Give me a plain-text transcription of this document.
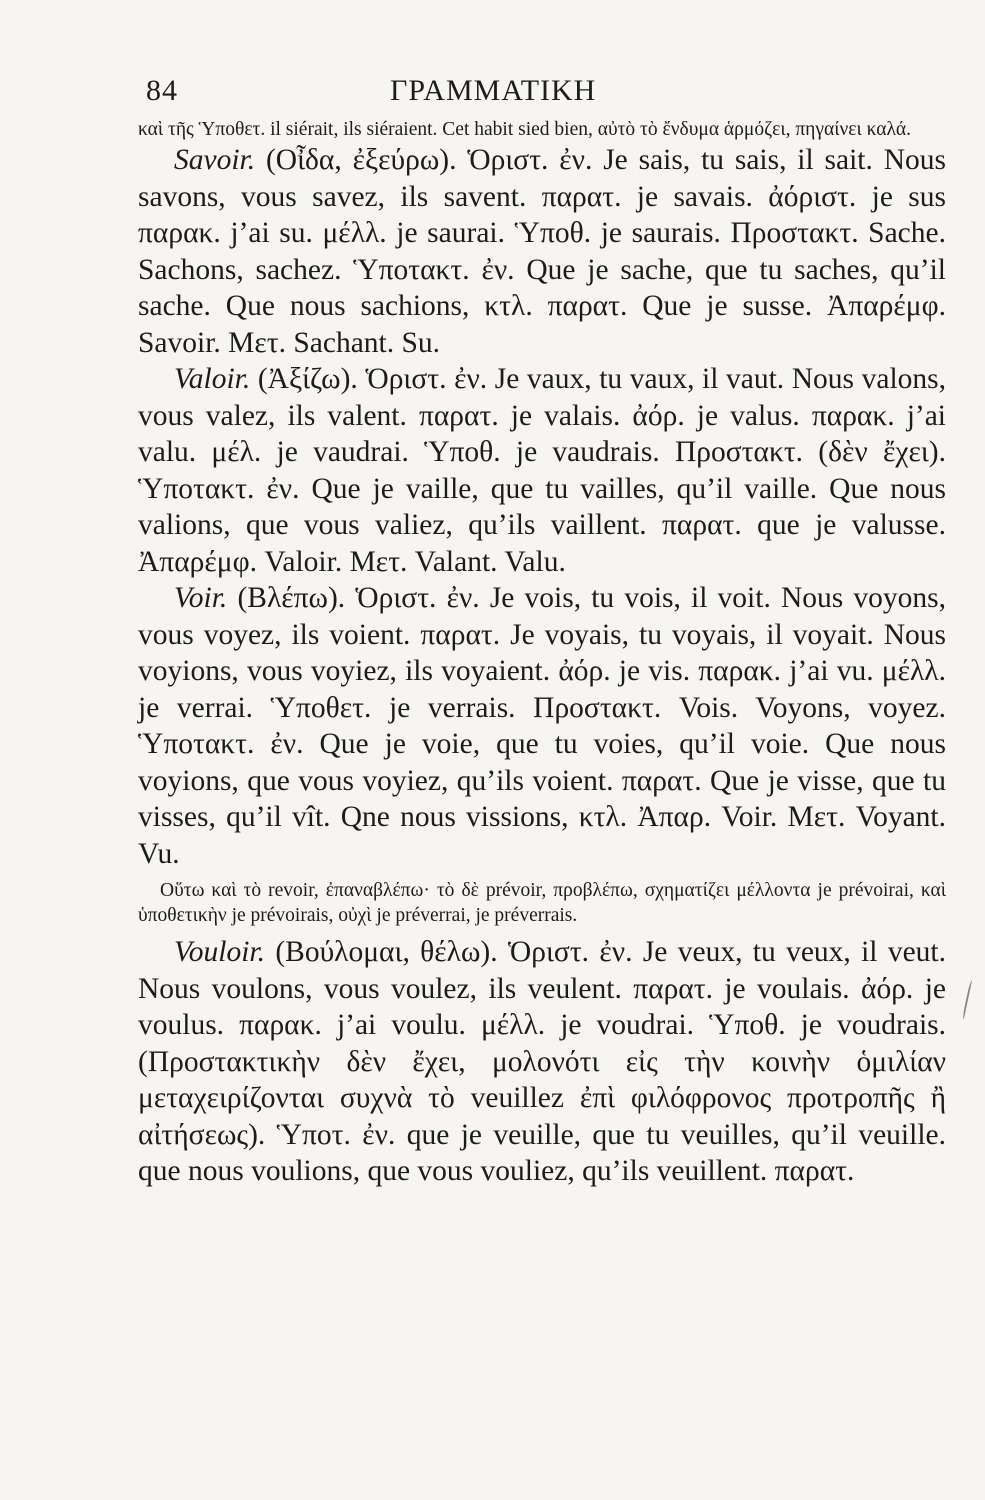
84	ΓΡΑΜΜΑΤΙΚΗ

καὶ τῆς Ὑποθετ. il siérait, ils siéraient. Cet habit sied bien, αὐτὸ τὸ ἔνδυμα ἁρμόζει, πηγαίνει καλά.

Savoir. (Οἶδα, ἐξεύρω). Ὁριστ. ἐν. Je sais, tu sais, il sait. Nous savons, vous savez, ils savent. παρατ. je savais. ἀόριστ. je sus παρακ. j’ai su. μέλλ. je saurai. Ὑποθ. je saurais. Προστακτ. Sache. Sachons, sachez. Ὑποτακτ. ἐν. Que je sache, que tu saches, qu’il sache. Que nous sachions, κτλ. παρατ. Que je susse. Ἀπαρέμφ. Savoir. Μετ. Sachant. Su.

Valoir. (Ἀξίζω). Ὁριστ. ἐν. Je vaux, tu vaux, il vaut. Nous valons, vous valez, ils valent. παρατ. je valais. ἀόρ. je valus. παρακ. j’ai valu. μέλ. je vaudrai. Ὑποθ. je vaudrais. Προστακτ. (δὲν ἔχει). Ὑποτακτ. ἐν. Que je vaille, que tu vailles, qu’il vaille. Que nous valions, que vous valiez, qu’ils vaillent. παρατ. que je valusse. Ἀπαρέμφ. Valoir. Μετ. Valant. Valu.

Voir. (Βλέπω). Ὁριστ. ἐν. Je vois, tu vois, il voit. Nous voyons, vous voyez, ils voient. παρατ. Je voyais, tu voyais, il voyait. Nous voyions, vous voyiez, ils voyaient. ἀόρ. je vis. παρακ. j’ai vu. μέλλ. je verrai. Ὑποθετ. je verrais. Προστακτ. Vois. Voyons, voyez. Ὑποτακτ. ἐν. Que je voie, que tu voies, qu’il voie. Que nous voyions, que vous voyiez, qu’ils voient. παρατ. Que je visse, que tu visses, qu’il vît. Qne nous vissions, κτλ. Ἀπαρ. Voir. Μετ. Voyant. Vu.

Οὕτω καὶ τὸ revoir, ἐπαναβλέπω· τὸ δὲ prévoir, προβλέπω, σχηματίζει μέλλοντα je prévoirai, καὶ ὑποθετικὴν je prévoirais, οὐχὶ je préverrai, je préverrais.

Vouloir. (Βούλομαι, θέλω). Ὁριστ. ἐν. Je veux, tu veux, il veut. Nous voulons, vous voulez, ils veulent. παρατ. je voulais. ἀόρ. je voulus. παρακ. j’ai voulu. μέλλ. je voudrai. Ὑποθ. je voudrais. (Προστακτικὴν δὲν ἔχει, μολονότι εἰς τὴν κοινὴν ὁμιλίαν μεταχειρίζονται συχνὰ τὸ veuillez ἐπὶ φιλόφρονος προτροπῆς ἢ αἰτήσεως). Ὑποτ. ἐν. que je veuille, que tu veuilles, qu’il veuille. que nous voulions, que vous vouliez, qu’ils veuillent. παρατ.
